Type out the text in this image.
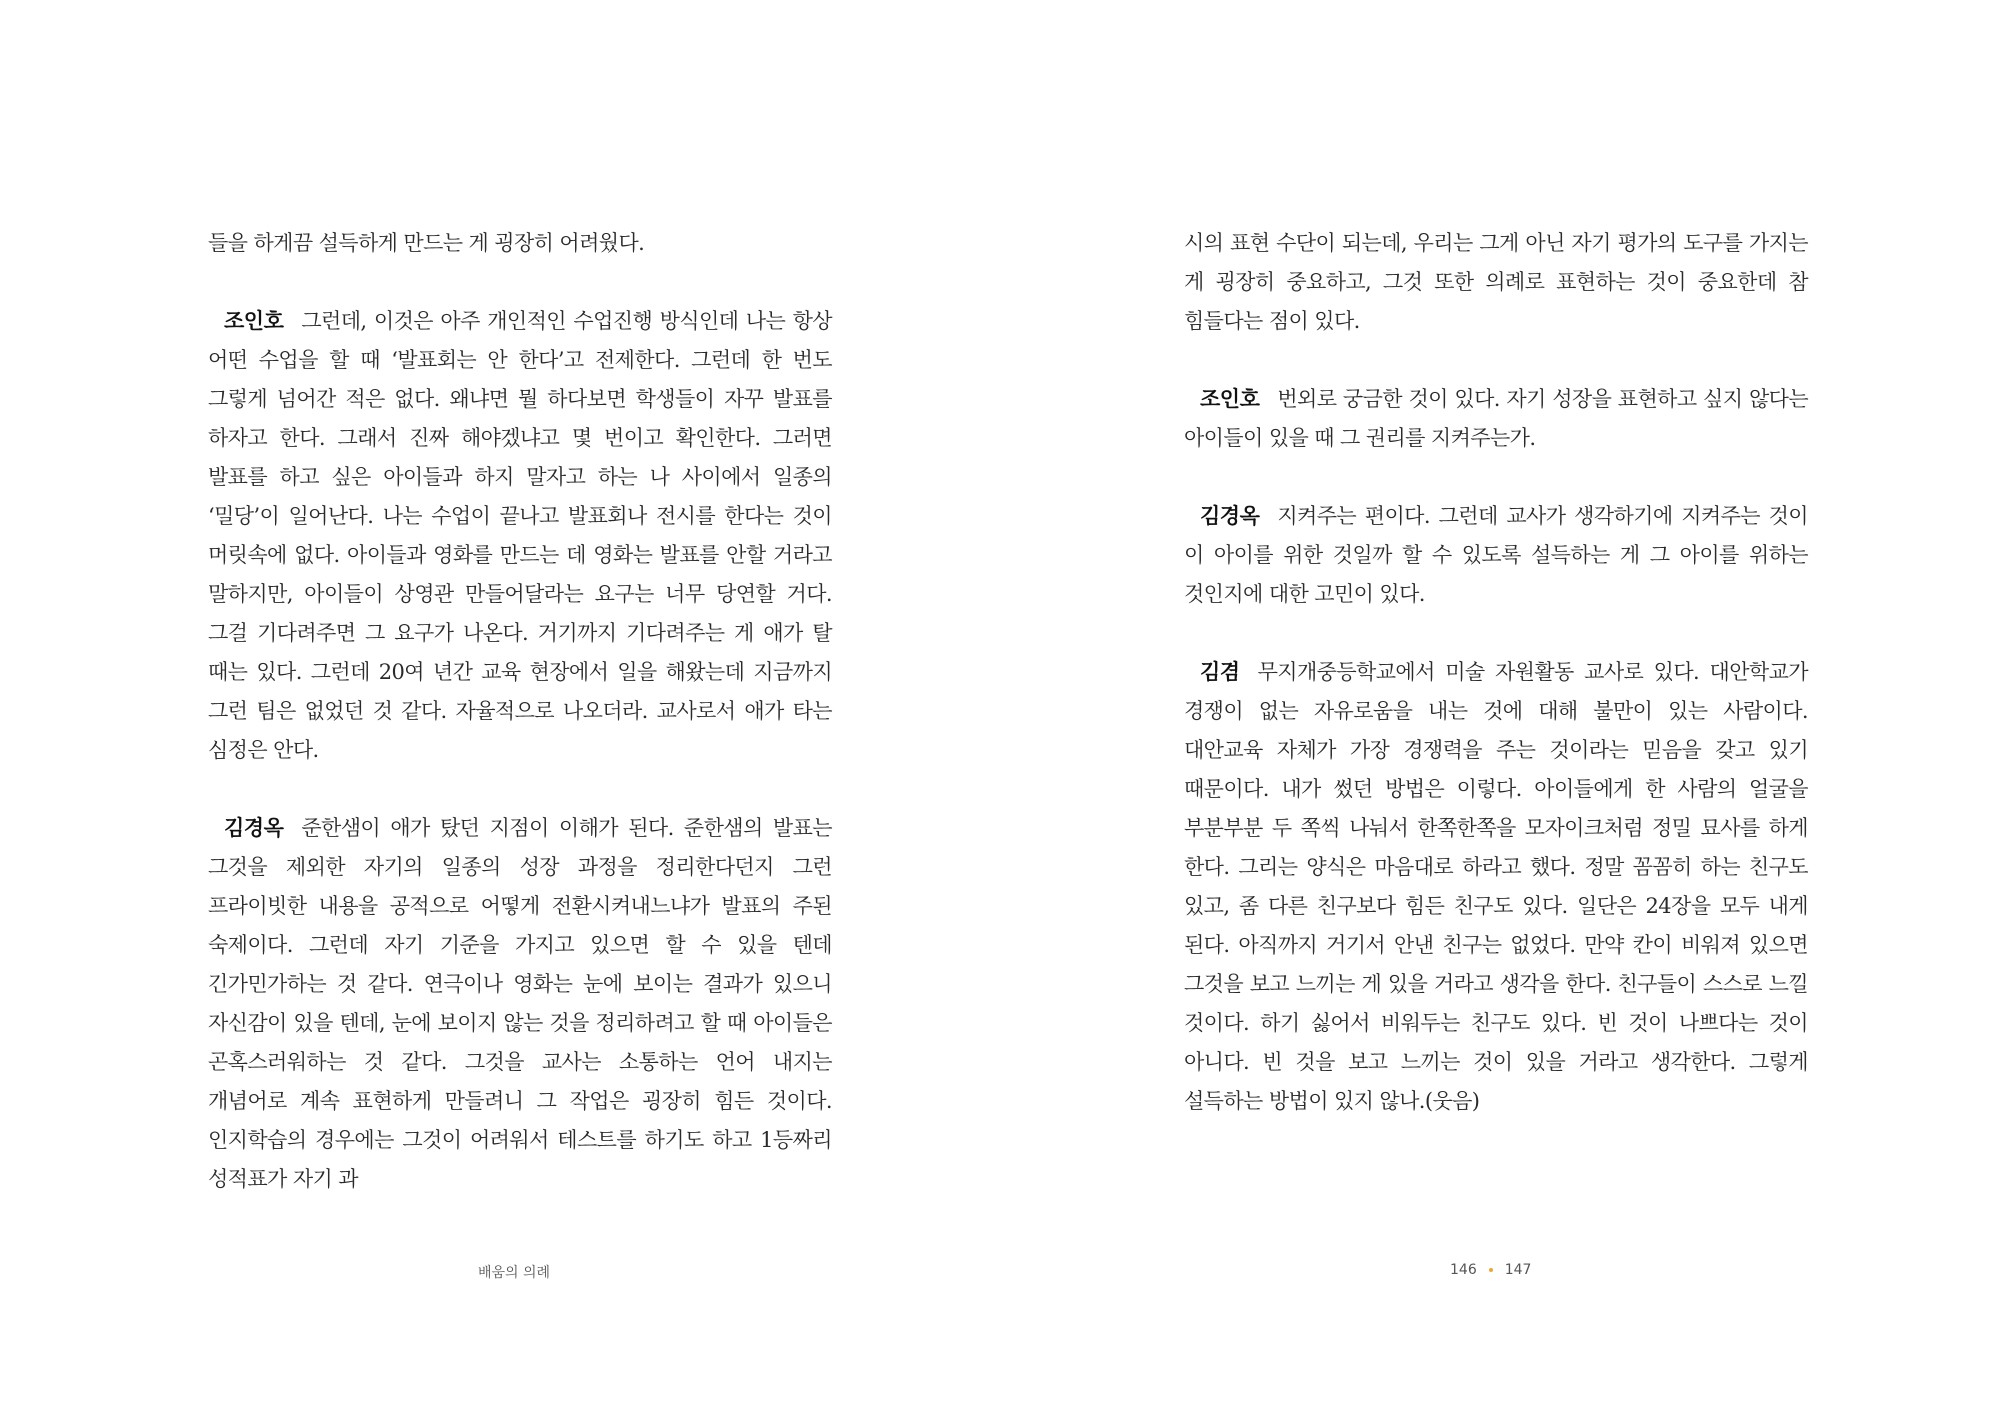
들을 하게끔 설득하게 만드는 게 굉장히 어려웠다.

조인호 그런데, 이것은 아주 개인적인 수업진행 방식인데 나는 항상 어떤 수업을 할 때 ‘발표회는 안 한다’고 전제한다. 그런데 한 번도 그렇게 넘어간 적은 없다. 왜냐면 뭘 하다보면 학생들이 자꾸 발표를 하자고 한다. 그래서 진짜 해야겠냐고 몇 번이고 확인한다. 그러면 발표를 하고 싶은 아이들과 하지 말자고 하는 나 사이에서 일종의 ‘밀당’이 일어난다. 나는 수업이 끝나고 발표회나 전시를 한다는 것이 머릿속에 없다. 아이들과 영화를 만드는 데 영화는 발표를 안할 거라고 말하지만, 아이들이 상영관 만들어달라는 요구는 너무 당연할 거다. 그걸 기다려주면 그 요구가 나온다. 거기까지 기다려주는 게 애가 탈 때는 있다. 그런데 20여 년간 교육 현장에서 일을 해왔는데 지금까지 그런 팀은 없었던 것 같다. 자율적으로 나오더라. 교사로서 애가 타는 심정은 안다.

김경옥 준한샘이 애가 탔던 지점이 이해가 된다. 준한샘의 발표는 그것을 제외한 자기의 일종의 성장 과정을 정리한다던지 그런 프라이빗한 내용을 공적으로 어떻게 전환시켜내느냐가 발표의 주된 숙제이다. 그런데 자기 기준을 가지고 있으면 할 수 있을 텐데 긴가민가하는 것 같다. 연극이나 영화는 눈에 보이는 결과가 있으니 자신감이 있을 텐데, 눈에 보이지 않는 것을 정리하려고 할 때 아이들은 곤혹스러워하는 것 같다. 그것을 교사는 소통하는 언어 내지는 개념어로 계속 표현하게 만들려니 그 작업은 굉장히 힘든 것이다. 인지학습의 경우에는 그것이 어려워서 테스트를 하기도 하고 1등짜리 성적표가 자기 과

배움의 의례

시의 표현 수단이 되는데, 우리는 그게 아닌 자기 평가의 도구를 가지는 게 굉장히 중요하고, 그것 또한 의례로 표현하는 것이 중요한데 참 힘들다는 점이 있다.

조인호 번외로 궁금한 것이 있다. 자기 성장을 표현하고 싶지 않다는 아이들이 있을 때 그 권리를 지켜주는가.

김경옥 지켜주는 편이다. 그런데 교사가 생각하기에 지켜주는 것이 이 아이를 위한 것일까 할 수 있도록 설득하는 게 그 아이를 위하는 것인지에 대한 고민이 있다.

김겸 무지개중등학교에서 미술 자원활동 교사로 있다. 대안학교가 경쟁이 없는 자유로움을 내는 것에 대해 불만이 있는 사람이다. 대안교육 자체가 가장 경쟁력을 주는 것이라는 믿음을 갖고 있기 때문이다. 내가 썼던 방법은 이렇다. 아이들에게 한 사람의 얼굴을 부분부분 두 쪽씩 나눠서 한쪽한쪽을 모자이크처럼 정밀 묘사를 하게 한다. 그리는 양식은 마음대로 하라고 했다. 정말 꼼꼼히 하는 친구도 있고, 좀 다른 친구보다 힘든 친구도 있다. 일단은 24장을 모두 내게 된다. 아직까지 거기서 안낸 친구는 없었다. 만약 칸이 비워져 있으면 그것을 보고 느끼는 게 있을 거라고 생각을 한다. 친구들이 스스로 느낄 것이다. 하기 싫어서 비워두는 친구도 있다. 빈 것이 나쁘다는 것이 아니다. 빈 것을 보고 느끼는 것이 있을 거라고 생각한다. 그렇게 설득하는 방법이 있지 않나.(웃음)

146 147
